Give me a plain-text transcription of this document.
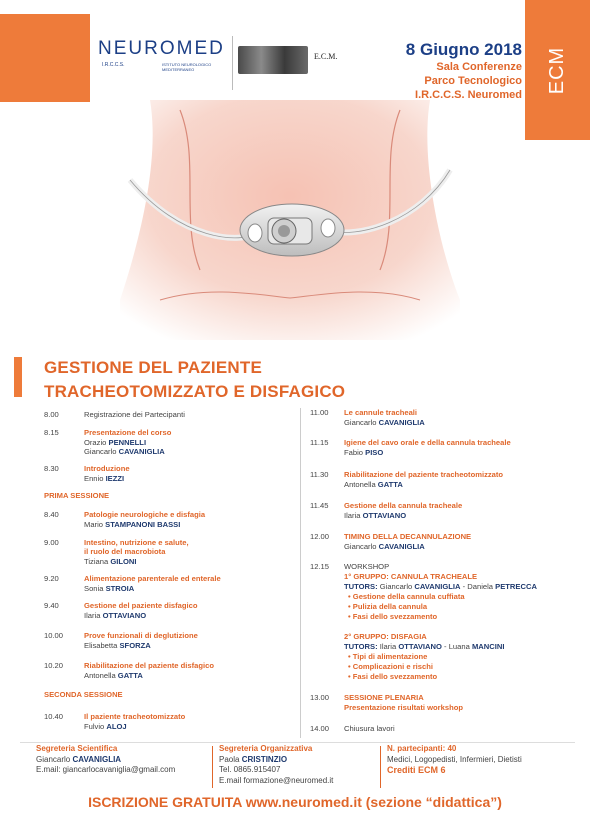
ECM
NEUROMED
I.R.C.C.S.	ISTITUTO NEUROLOGICO MEDITERRANEO
E.C.M.	8 Giugno 2018
Sala Conferenze
Parco Tecnologico
I.R.C.C.S. Neuromed
GESTIONE DEL PAZIENTE
TRACHEOTOMIZZATO E DISFAGICO
8.00	Registrazione dei Partecipanti
8.15	Presentazione del corso
Orazio PENNELLI
Giancarlo CAVANIGLIA
8.30	Introduzione
Ennio IEZZI
PRIMA SESSIONE
8.40	Patologie neurologiche e disfagia
Mario STAMPANONI BASSI
9.00	Intestino, nutrizione e salute,
il ruolo del macrobiota
Tiziana GILONI
9.20	Alimentazione parenterale ed enterale
Sonia STROIA
9.40	Gestione del paziente disfagico
Ilaria OTTAVIANO
10.00	Prove funzionali di deglutizione
Elisabetta SFORZA
10.20	Riabilitazione del paziente disfagico
Antonella GATTA
SECONDA SESSIONE
10.40	Il paziente tracheotomizzato
Fulvio ALOJ
11.00	Le cannule tracheali
Giancarlo CAVANIGLIA
11.15	Igiene del cavo orale e della cannula tracheale
Fabio PISO
11.30	Riabilitazione del paziente tracheotomizzato
Antonella GATTA
11.45	Gestione della cannula tracheale
Ilaria OTTAVIANO
12.00	TIMING DELLA DECANNULAZIONE
Giancarlo CAVANIGLIA
12.15	WORKSHOP
1° GRUPPO: CANNULA TRACHEALE
TUTORS: Giancarlo CAVANIGLIA - Daniela PETRECCA
• Gestione della cannula cuffiata
• Pulizia della cannula
• Fasi dello svezzamento
2° GRUPPO: DISFAGIA
TUTORS: Ilaria OTTAVIANO - Luana MANCINI
• Tipi di alimentazione
• Complicazioni e rischi
• Fasi dello svezzamento
13.00	SESSIONE PLENARIA
Presentazione risultati workshop
14.00	Chiusura lavori
Segreteria Scientifica
Giancarlo CAVANIGLIA
E.mail: giancarlocavaniglia@gmail.com
Segreteria Organizzativa
Paola CRISTINZIO
Tel. 0865.915407
E.mail formazione@neuromed.it
N. partecipanti: 40
Medici, Logopedisti, Infermieri, Dietisti
Crediti ECM 6
ISCRIZIONE GRATUITA www.neuromed.it (sezione “didattica”)
